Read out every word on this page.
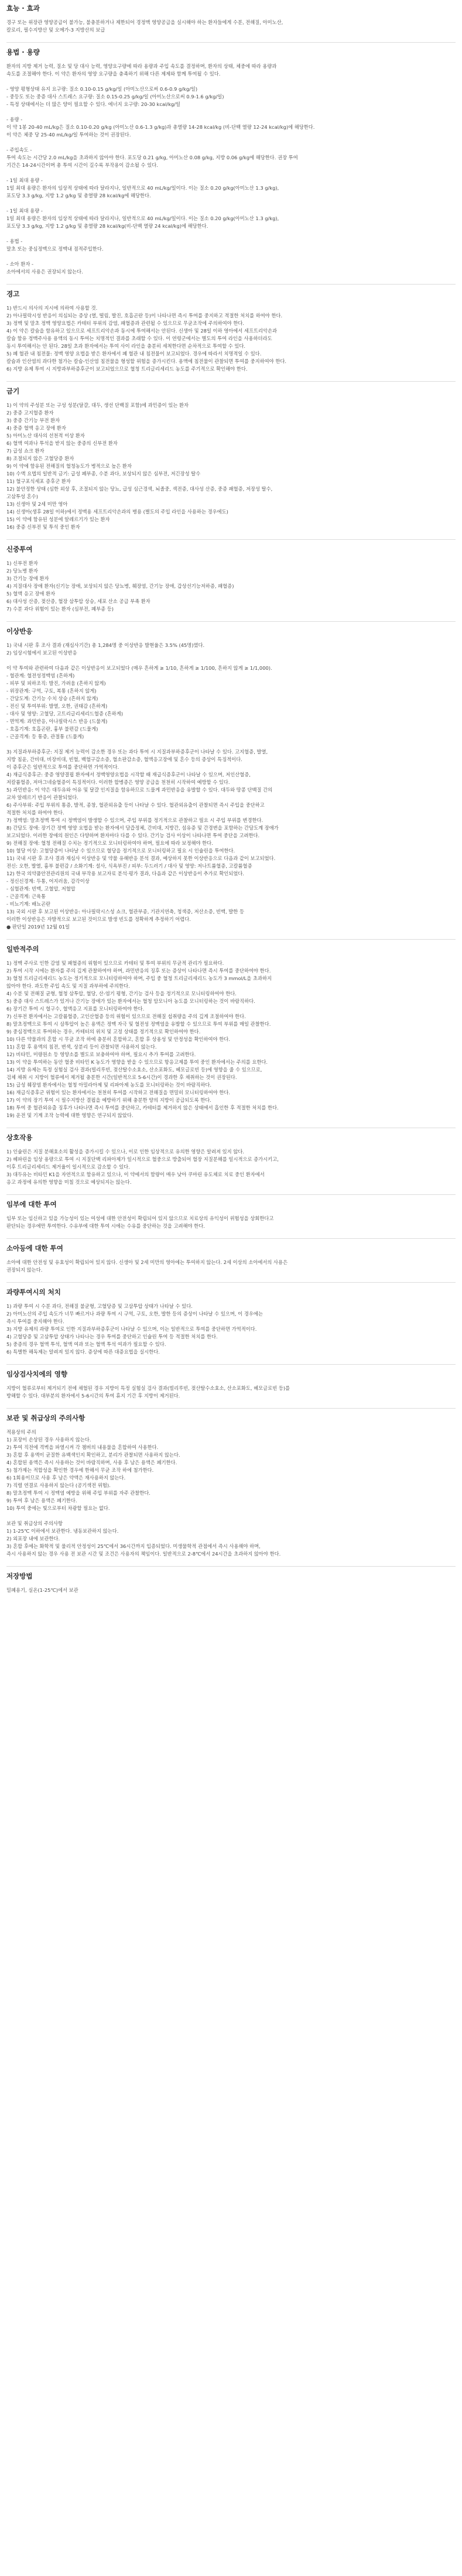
효능 · 효과

경구 또는 위장관 영양공급이 불가능, 불충분하거나 제한되어 경정맥 영양공급을 실시해야 하는 환자들에게 수분, 전해질, 아미노산,

칼로리, 필수지방산 및 오메가-3 지방산의 보급

용법 · 용량

환자의 지방 제거 능력, 질소 및 당 대사 능력, 영양요구량에 따라 용량과 주입 속도를 결정하며, 환자의 상태, 체중에 따라 용량과

속도를 조절해야 한다. 이 약은 환자의 영양 요구량을 충족하기 위해 다른 제제와 함께 투여될 수 있다.

- 영양 평형상태 유지 요구량: 질소 0.10-0.15 g/kg/일 (아미노산으로써 0.6-0.9 g/kg/일)

- 중등도 또는 중증 대사 스트레스 요구량: 질소 0.15-0.25 g/kg/일 (아미노산으로써 0.9-1.6 g/kg/일)

- 특정 상태에서는 더 많은 양이 필요할 수 있다. 에너지 요구량: 20-30 kcal/kg/일

- 용량 -

이 약 1봉 20-40 mL/kg은 질소 0.10-0.20 g/kg (아미노산 0.6-1.3 g/kg)과 총열량 14-28 kcal/kg (비-단백 열량 12-24 kcal/kg)에 해당한다.

이 약은 체중 당 25-40 mL/kg/일 투여하는 것이 권장된다.

- 주입속도 -

투여 속도는 시간당 2.0 mL/kg을 초과하지 않아야 한다. 포도당 0.21 g/kg, 아미노산 0.08 g/kg, 지방 0.06 g/kg에 해당한다. 권장 투여

기간은 14-24시간이며 총 투여 시간이 길수록 부작용이 감소될 수 있다.

- 1일 최대 용량 -

1일 최대 용량은 환자의 임상적 상태에 따라 달라지나, 일반적으로 40 mL/kg/일이다. 이는 질소 0.20 g/kg(아미노산 1.3 g/kg),

포도당 3.3 g/kg, 지방 1.2 g/kg 및 총열량 28 kcal/kg에 해당한다.

- 1일 최대 용량 -

1일 최대 용량은 환자의 임상적 상태에 따라 달라지나, 일반적으로 40 mL/kg/일이다. 이는 질소 0.20 g/kg(아미노산 1.3 g/kg),

포도당 3.3 g/kg, 지방 1.2 g/kg 및 총열량 28 kcal/kg(비-단백 열량 24 kcal/kg)에 해당한다.

- 용법 -

말초 또는 중심정맥으로 정맥내 점적주입한다.

- 소아 환자 -

소아에서의 사용은 권장되지 않는다.

경고

1) 반드시 의사의 지시에 의하여 사용할 것.

2) 아나필락시성 반응이 의심되는 증상 (열, 떨림, 발진, 호흡곤란 등)이 나타나면 즉시 투여를 중지하고 적절한 처치를 하여야 한다.

3) 정맥 및 말초 정맥 영양요법은 카테터 부위의 감염, 패혈증과 관련될 수 있으므로 무균조작에 주의하여야 한다.

4) 이 약은 칼슘을 함유하고 있으므로 세프트리악손과 동시에 투여해서는 안된다. 신생아 및 28일 이하 영아에서 세프트리악손과

칼슘 함유 정맥주사용 용액의 동시 투여는 치명적인 결과를 초래할 수 있다. 이 연령군에서는 별도의 투여 라인을 사용하더라도

동시 투여해서는 안 된다. 28일 초과 환자에서는 투여 사이 라인을 충분히 세척한다면 순차적으로 투여할 수 있다.

5) 폐 혈관 내 침전물: 정맥 영양 요법을 받은 환자에서 폐 혈관 내 침전물이 보고되었다. 경우에 따라서 치명적일 수 있다.

칼슘과 인산염의 과다한 첨가는 칼슘-인산염 침전물을 형성할 위험을 증가시킨다. 용액에 침전물이 관찰되면 투여를 중지하여야 한다.

6) 지방 유제 투여 시 지방과부하증후군이 보고되었으므로 혈청 트리글리세리드 농도를 주기적으로 확인해야 한다.

금기

1) 이 약의 주성분 또는 구성 성분(달걀, 대두, 생선 단백질 포함)에 과민증이 있는 환자

2) 중증 고지혈증 환자

3) 중증 간기능 부전 환자

4) 중증 혈액 응고 장애 환자

5) 아미노산 대사의 선천적 이상 환자

6) 혈액 여과나 투석을 받지 않는 중증의 신부전 환자

7) 급성 쇼크 환자

8) 조절되지 않은 고혈당증 환자

9) 이 약에 함유된 전해질의 혈청농도가 병적으로 높은 환자

10) 수액 요법의 일반적 금기: 급성 폐부종, 수분 과다, 보상되지 않은 심부전, 저긴장성 탈수

11) 혈구포식세포 증후군 환자

12) 불안정한 상태 (심한 외상 후, 조절되지 않는 당뇨, 급성 심근경색, 뇌졸중, 색전증, 대사성 산증, 중증 패혈증, 저장성 탈수,

고삼투성 혼수)

13) 신생아 및 2세 미만 영아

14) 신생아(생후 28일 이하)에서 정맥용 세프트리악손과의 병용 (별도의 주입 라인을 사용하는 경우에도)

15) 이 약에 함유된 성분에 알레르기가 있는 환자

16) 중증 신부전 및 투석 중인 환자

신중투여

1) 신부전 환자

2) 당뇨병 환자

3) 간기능 장애 환자

4) 지질대사 장애 환자(신기능 장애, 보상되지 않은 당뇨병, 췌장염, 간기능 장애, 갑상선기능저하증, 패혈증)

5) 혈액 응고 장애 환자

6) 대사성 산증, 젖산증, 혈장 삼투압 상승, 세포 산소 공급 부족 환자

7) 수분 과다 위험이 있는 환자 (심부전, 폐부종 등)

이상반응

1) 국내 시판 후 조사 결과 (재심사기간) 총 1,284명 중 이상반응 발현율은 3.5% (45명)였다.

2) 임상시험에서 보고된 이상반응

이 약 투여와 관련하여 다음과 같은 이상반응이 보고되었다 (매우 흔하게 ≥ 1/10, 흔하게 ≥ 1/100, 흔하지 않게 ≥ 1/1,000).

- 혈관계: 혈전성정맥염 (흔하게)

- 피부 및 피하조직: 발진, 가려움 (흔하지 않게)

- 위장관계: 구역, 구토, 복통 (흔하지 않게)

- 간담도계: 간기능 수치 상승 (흔하지 않게)

- 전신 및 투여부위: 발열, 오한, 권태감 (흔하게)

- 대사 및 영양: 고혈당, 고트리글리세리드혈증 (흔하게)

- 면역계: 과민반응, 아나필락시스 반응 (드물게)

- 호흡기계: 호흡곤란, 흉부 불편감 (드물게)

- 근골격계: 등 통증, 관절통 (드물게)

3) 지질과부하증후군: 지질 제거 능력이 감소한 경우 또는 과다 투여 시 지질과부하증후군이 나타날 수 있다. 고지혈증, 발열,

지방 침윤, 간비대, 비장비대, 빈혈, 백혈구감소증, 혈소판감소증, 혈액응고장애 및 혼수 등의 증상이 특징적이다.

이 증후군은 일반적으로 투여를 중단하면 가역적이다.

4) 재급식증후군: 중증 영양결핍 환자에서 정맥영양요법을 시작할 때 재급식증후군이 나타날 수 있으며, 저인산혈증,

저칼륨혈증, 저마그네슘혈증이 특징적이다. 이러한 합병증은 영양 공급을 천천히 시작하여 예방할 수 있다.

5) 과민반응: 이 약은 대두유와 어유 및 달걀 인지질을 함유하므로 드물게 과민반응을 유발할 수 있다. 대두와 땅콩 단백질 간의

교차 알레르기 반응이 관찰되었다.

6) 주사부위: 주입 부위의 통증, 발적, 종창, 혈관외유출 등이 나타날 수 있다. 혈관외유출이 관찰되면 즉시 주입을 중단하고

적절한 처치를 하여야 한다.

7) 정맥염: 말초정맥 투여 시 정맥염이 발생할 수 있으며, 주입 부위를 정기적으로 관찰하고 필요 시 주입 부위를 변경한다.

8) 간담도 장애: 장기간 정맥 영양 요법을 받는 환자에서 담즙정체, 간비대, 지방간, 섬유증 및 간경변을 포함하는 간담도계 장애가

보고되었다. 이러한 장애의 원인은 다양하며 환자마다 다를 수 있다. 간기능 검사 이상이 나타나면 투여 중단을 고려한다.

9) 전해질 장애: 혈청 전해질 수치는 정기적으로 모니터링하여야 하며, 필요에 따라 보정해야 한다.

10) 혈당 이상: 고혈당증이 나타날 수 있으므로 혈당을 정기적으로 모니터링하고 필요 시 인슐린을 투여한다.

11) 국내 시판 후 조사 결과 재심사 이상반응 및 약물 유해반응 분석 결과, 예상하지 못한 이상반응으로 다음과 같이 보고되었다.

전신: 오한, 발열, 흉부 불편감 / 소화기계: 설사, 식욕부진 / 피부: 두드러기 / 대사 및 영양: 저나트륨혈증, 고칼륨혈증

12) 한국 의약품안전관리원의 국내 부작용 보고자료 분석·평가 결과, 다음과 같은 이상반응이 추가로 확인되었다.

- 정신신경계: 두통, 어지러움, 감각이상

- 심혈관계: 빈맥, 고혈압, 저혈압

- 근골격계: 근육통

- 비뇨기계: 배뇨곤란

13) 국외 시판 후 보고된 이상반응: 아나필락시스성 쇼크, 혈관부종, 기관지연축, 청색증, 저산소증, 빈맥, 발한 등

이러한 이상반응은 자발적으로 보고된 것이므로 발생 빈도를 정확하게 추정하기 어렵다.

● 판단일 2019년 12월 01일

일반적주의

1) 정맥 주사로 인한 감염 및 패혈증의 위험이 있으므로 카테터 및 투여 부위의 무균적 관리가 필요하다.

2) 투여 시작 시에는 환자를 주의 깊게 관찰하여야 하며, 과민반응의 징후 또는 증상이 나타나면 즉시 투여를 중단하여야 한다.

3) 혈청 트리글리세리드 농도는 정기적으로 모니터링하여야 하며, 주입 중 혈청 트리글리세리드 농도가 3 mmol/L을 초과하지

않아야 한다. 과도한 주입 속도 및 지질 과부하에 주의한다.

4) 수분 및 전해질 균형, 혈청 삼투압, 혈당, 산-염기 평형, 간기능 검사 등을 정기적으로 모니터링하여야 한다.

5) 중증 대사 스트레스가 있거나 간기능 장애가 있는 환자에서는 혈청 암모니아 농도를 모니터링하는 것이 바람직하다.

6) 장기간 투여 시 혈구수, 혈액응고 지표를 모니터링하여야 한다.

7) 신부전 환자에서는 고칼륨혈증, 고인산혈증 등의 위험이 있으므로 전해질 섭취량을 주의 깊게 조절하여야 한다.

8) 말초정맥으로 투여 시 삼투압이 높은 용액은 정맥 자극 및 혈전성 정맥염을 유발할 수 있으므로 투여 부위를 매일 관찰한다.

9) 중심정맥으로 투여하는 경우, 카테터의 위치 및 고정 상태를 정기적으로 확인하여야 한다.

10) 다른 약물과의 혼합 시 무균 조작 하에 충분히 혼합하고, 혼합 후 상용성 및 안정성을 확인하여야 한다.

11) 혼합 후 용액의 침전, 변색, 상분리 등이 관찰되면 사용하지 않는다.

12) 비타민, 미량원소 등 영양소를 별도로 보충하여야 하며, 필요시 추가 투여를 고려한다.

13) 이 약을 투여하는 동안 혈중 비타민 K 농도가 영향을 받을 수 있으므로 항응고제를 투여 중인 환자에서는 주의를 요한다.

14) 지방 유제는 특정 실험실 검사 결과(빌리루빈, 젖산탈수소효소, 산소포화도, 헤모글로빈 등)에 영향을 줄 수 있으므로,

검체 채취 시 지방이 혈류에서 제거될 충분한 시간(일반적으로 5-6시간)이 경과한 후 채취하는 것이 권장된다.

15) 급성 췌장염 환자에서는 혈청 아밀라아제 및 리파아제 농도를 모니터링하는 것이 바람직하다.

16) 재급식증후군 위험이 있는 환자에서는 천천히 투여를 시작하고 전해질을 면밀히 모니터링하여야 한다.

17) 이 약의 장기 투여 시 필수지방산 결핍을 예방하기 위해 충분한 양의 지방이 공급되도록 한다.

18) 투여 중 혈관외유출 징후가 나타나면 즉시 투여를 중단하고, 카테터를 제거하지 않은 상태에서 흡인한 후 적절한 처치를 한다.

19) 운전 및 기계 조작 능력에 대한 영향은 연구되지 않았다.

상호작용

1) 인슐린은 지질 분해효소의 활성을 증가시킬 수 있으나, 이로 인한 임상적으로 유의한 영향은 알려져 있지 않다.

2) 헤파린을 임상 용량으로 투여 시 지질단백 리파아제가 일시적으로 혈중으로 방출되어 혈장 지질분해를 일시적으로 증가시키고,

이후 트리글리세리드 제거율이 일시적으로 감소할 수 있다.

3) 대두유는 비타민 K1을 자연적으로 함유하고 있으나, 이 약에서의 함량이 매우 낮아 쿠마린 유도체로 치료 중인 환자에서

응고 과정에 유의한 영향을 미칠 것으로 예상되지는 않는다.

임부에 대한 투여

임부 또는 임신하고 있을 가능성이 있는 여성에 대한 안전성이 확립되어 있지 않으므로 치료상의 유익성이 위험성을 상회한다고

판단되는 경우에만 투여한다. 수유부에 대한 투여 시에는 수유를 중단하는 것을 고려해야 한다.

소아등에 대한 투여

소아에 대한 안전성 및 유효성이 확립되어 있지 않다. 신생아 및 2세 미만의 영아에는 투여하지 않는다. 2세 이상의 소아에서의 사용은

권장되지 않는다.

과량투여시의 처치

1) 과량 투여 시 수분 과다, 전해질 불균형, 고혈당증 및 고삼투압 상태가 나타날 수 있다.

2) 아미노산의 주입 속도가 너무 빠르거나 과량 투여 시 구역, 구토, 오한, 발한 등의 증상이 나타날 수 있으며, 이 경우에는

즉시 투여를 중지해야 한다.

3) 지방 유제의 과량 투여로 인한 지질과부하증후군이 나타날 수 있으며, 이는 일반적으로 투여를 중단하면 가역적이다.

4) 고혈당증 및 고삼투압 상태가 나타나는 경우 투여를 중단하고 인슐린 투여 등 적절한 처치를 한다.

5) 중증의 경우 혈액 투석, 혈액 여과 또는 혈액 투석 여과가 필요할 수 있다.

6) 특별한 해독제는 알려져 있지 않다. 증상에 따른 대증요법을 실시한다.

임상검사치에의 영향

지방이 혈류로부터 제거되기 전에 채혈된 경우 지방이 특정 실험실 검사 결과(빌리루빈, 젖산탈수소효소, 산소포화도, 헤모글로빈 등)를

방해할 수 있다. 대부분의 환자에서 5-6시간의 투여 휴지 기간 후 지방이 제거된다.

보관 및 취급상의 주의사항

적용상의 주의

1) 포장이 손상된 경우 사용하지 않는다.

2) 투여 직전에 격벽을 파열시켜 각 챔버의 내용물을 혼합하여 사용한다.

3) 혼합 후 용액이 균질한 유백색인지 확인하고, 분리가 관찰되면 사용하지 않는다.

4) 혼합된 용액은 즉시 사용하는 것이 바람직하며, 사용 후 남은 용액은 폐기한다.

5) 첨가제는 적합성을 확인한 경우에 한해서 무균 조작 하에 첨가한다.

6) 1회용이므로 사용 후 남은 약액은 재사용하지 않는다.

7) 직렬 연결로 사용하지 않는다 (공기색전 위험).

8) 말초정맥 투여 시 정맥염 예방을 위해 주입 부위를 자주 관찰한다.

9) 투여 후 남은 용액은 폐기한다.

10) 투여 중에는 빛으로부터 차광할 필요는 없다.

보관 및 취급상의 주의사항

1) 1-25℃ 이하에서 보관한다. 냉동보관하지 않는다.

2) 외포장 내에 보관한다.

3) 혼합 후에는 화학적 및 물리적 안정성이 25℃에서 36시간까지 입증되었다. 미생물학적 관점에서 즉시 사용해야 하며,

즉시 사용하지 않는 경우 사용 전 보관 시간 및 조건은 사용자의 책임이다. 일반적으로 2-8℃에서 24시간을 초과하지 않아야 한다.

저장방법

밀폐용기, 실온(1-25℃)에서 보관
